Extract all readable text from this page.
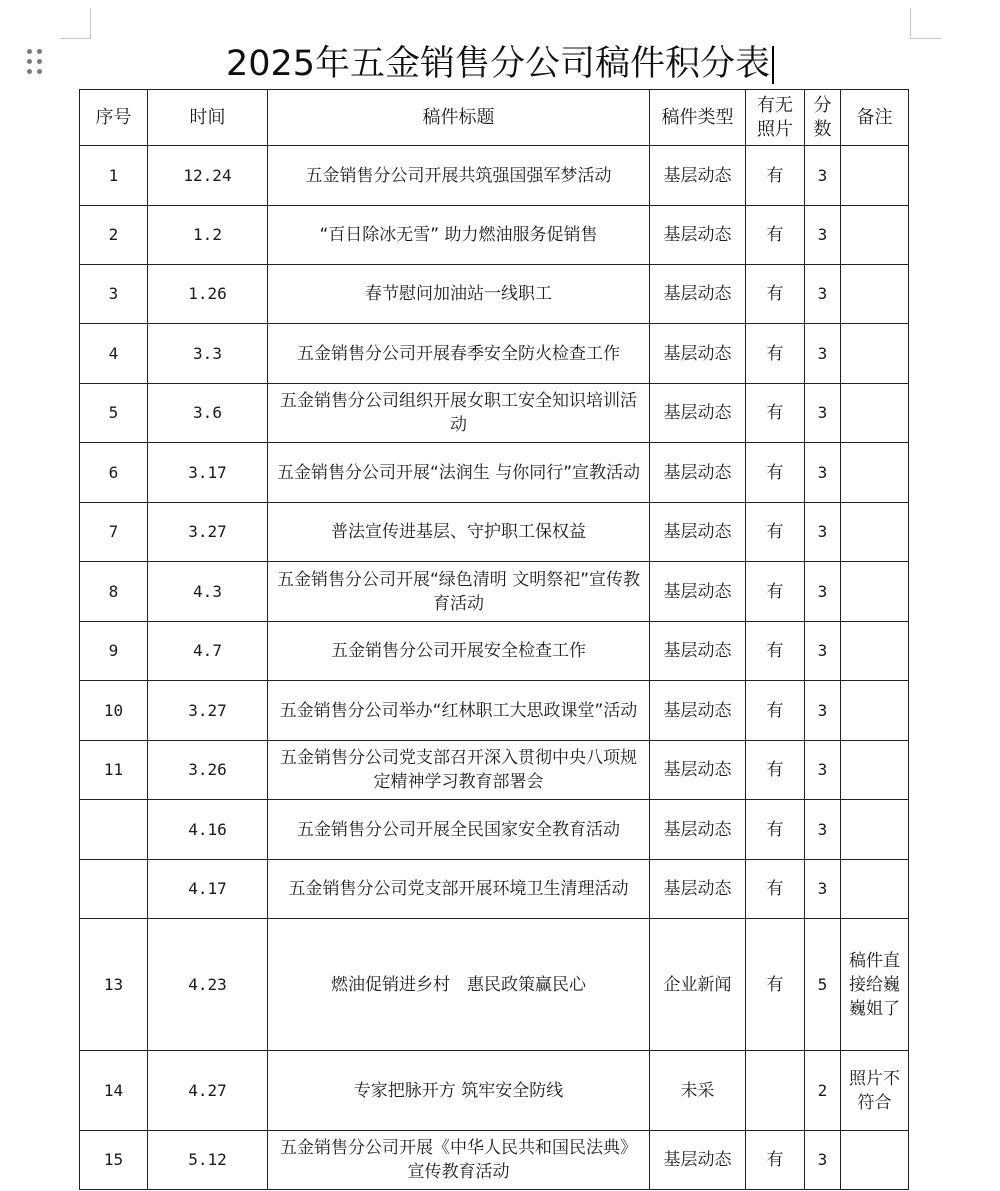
2025年五金销售分公司稿件积分表
序号	时间	稿件标题	稿件类型	有无照片	分数	备注
1	12.24	五金销售分公司开展共筑强国强军梦活动	基层动态	有	3	
2	1.2	“百日除冰无雪” 助力燃油服务促销售	基层动态	有	3	
3	1.26	春节慰问加油站一线职工	基层动态	有	3	
4	3.3	五金销售分公司开展春季安全防火检查工作	基层动态	有	3	
5	3.6	五金销售分公司组织开展女职工安全知识培训活动	基层动态	有	3	
6	3.17	五金销售分公司开展“法润生 与你同行”宣教活动	基层动态	有	3	
7	3.27	普法宣传进基层、守护职工保权益	基层动态	有	3	
8	4.3	五金销售分公司开展“绿色清明 文明祭祀”宣传教育活动	基层动态	有	3	
9	4.7	五金销售分公司开展安全检查工作	基层动态	有	3	
10	3.27	五金销售分公司举办“红林职工大思政课堂”活动	基层动态	有	3	
11	3.26	五金销售分公司党支部召开深入贯彻中央八项规定精神学习教育部署会	基层动态	有	3	
	4.16	五金销售分公司开展全民国家安全教育活动	基层动态	有	3	
	4.17	五金销售分公司党支部开展环境卫生清理活动	基层动态	有	3	
13	4.23	燃油促销进乡村　惠民政策赢民心	企业新闻	有	5	稿件直接给巍巍姐了
14	4.27	专家把脉开方 筑牢安全防线	未采		2	照片不符合
15	5.12	五金销售分公司开展《中华人民共和国民法典》宣传教育活动	基层动态	有	3	
